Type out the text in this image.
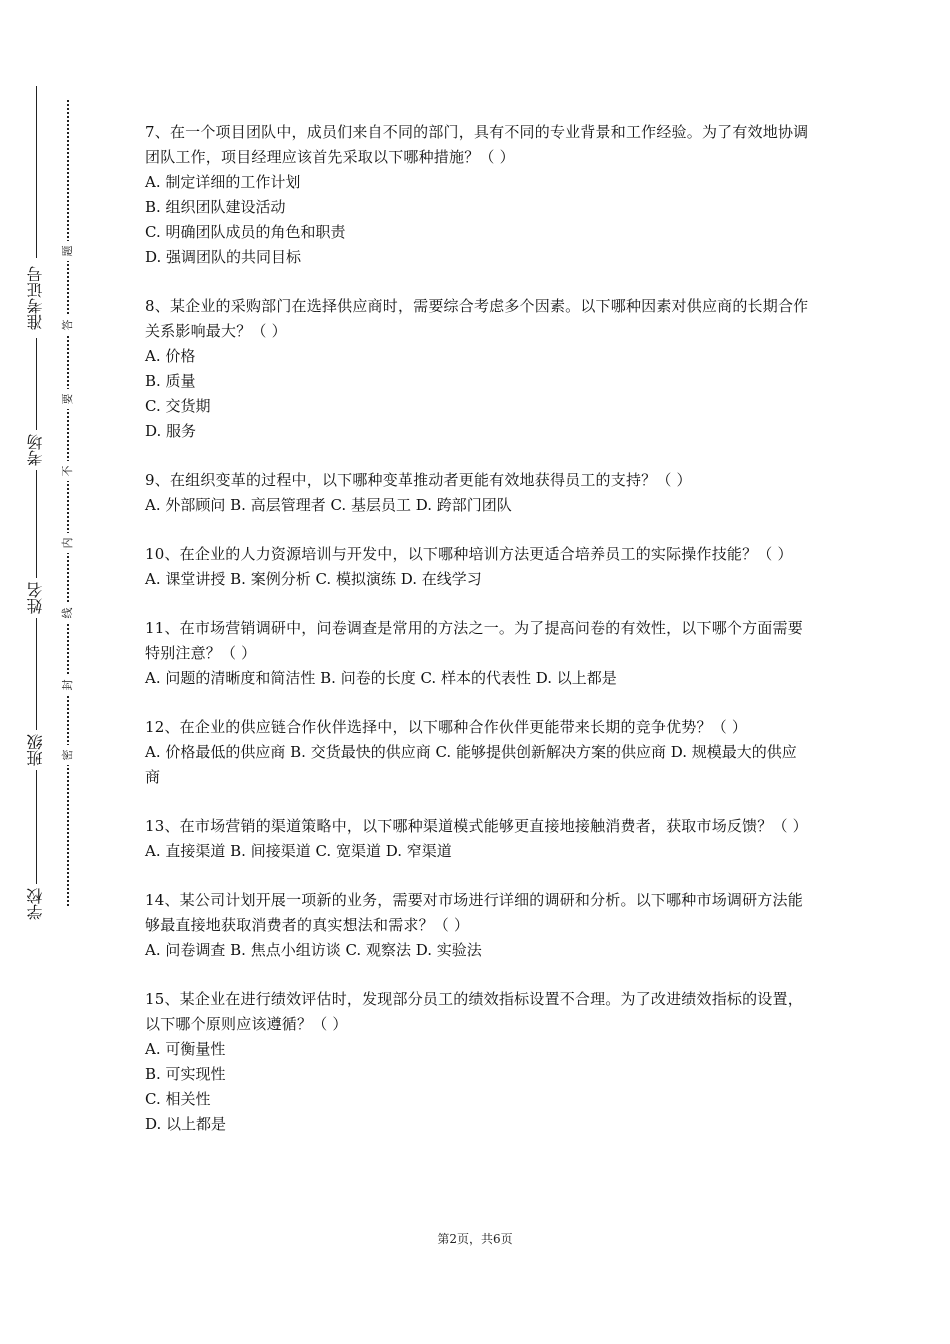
准考证号
考场
姓名
班级
学校
题
答
要
不
内
线
封
密

7、在一个项目团队中，成员们来自不同的部门，具有不同的专业背景和工作经验。为了有效地协调团队工作，项目经理应该首先采取以下哪种措施？（ ）

A. 制定详细的工作计划

B. 组织团队建设活动

C. 明确团队成员的角色和职责

D. 强调团队的共同目标

8、某企业的采购部门在选择供应商时，需要综合考虑多个因素。以下哪种因素对供应商的长期合作关系影响最大？（ ）

A. 价格

B. 质量

C. 交货期

D. 服务

9、在组织变革的过程中，以下哪种变革推动者更能有效地获得员工的支持？（ ）

A. 外部顾问 B. 高层管理者 C. 基层员工 D. 跨部门团队

10、在企业的人力资源培训与开发中，以下哪种培训方法更适合培养员工的实际操作技能？（ ）

A. 课堂讲授 B. 案例分析 C. 模拟演练 D. 在线学习

11、在市场营销调研中，问卷调查是常用的方法之一。为了提高问卷的有效性，以下哪个方面需要特别注意？（ ）

A. 问题的清晰度和简洁性 B. 问卷的长度 C. 样本的代表性 D. 以上都是

12、在企业的供应链合作伙伴选择中，以下哪种合作伙伴更能带来长期的竞争优势？（ ）

A. 价格最低的供应商 B. 交货最快的供应商 C. 能够提供创新解决方案的供应商 D. 规模最大的供应商

13、在市场营销的渠道策略中，以下哪种渠道模式能够更直接地接触消费者，获取市场反馈？（ ）

A. 直接渠道 B. 间接渠道 C. 宽渠道 D. 窄渠道

14、某公司计划开展一项新的业务，需要对市场进行详细的调研和分析。以下哪种市场调研方法能够最直接地获取消费者的真实想法和需求？（ ）

A. 问卷调查 B. 焦点小组访谈 C. 观察法 D. 实验法

15、某企业在进行绩效评估时，发现部分员工的绩效指标设置不合理。为了改进绩效指标的设置，以下哪个原则应该遵循？（ ）

A. 可衡量性

B. 可实现性

C. 相关性

D. 以上都是

第2页，共6页
